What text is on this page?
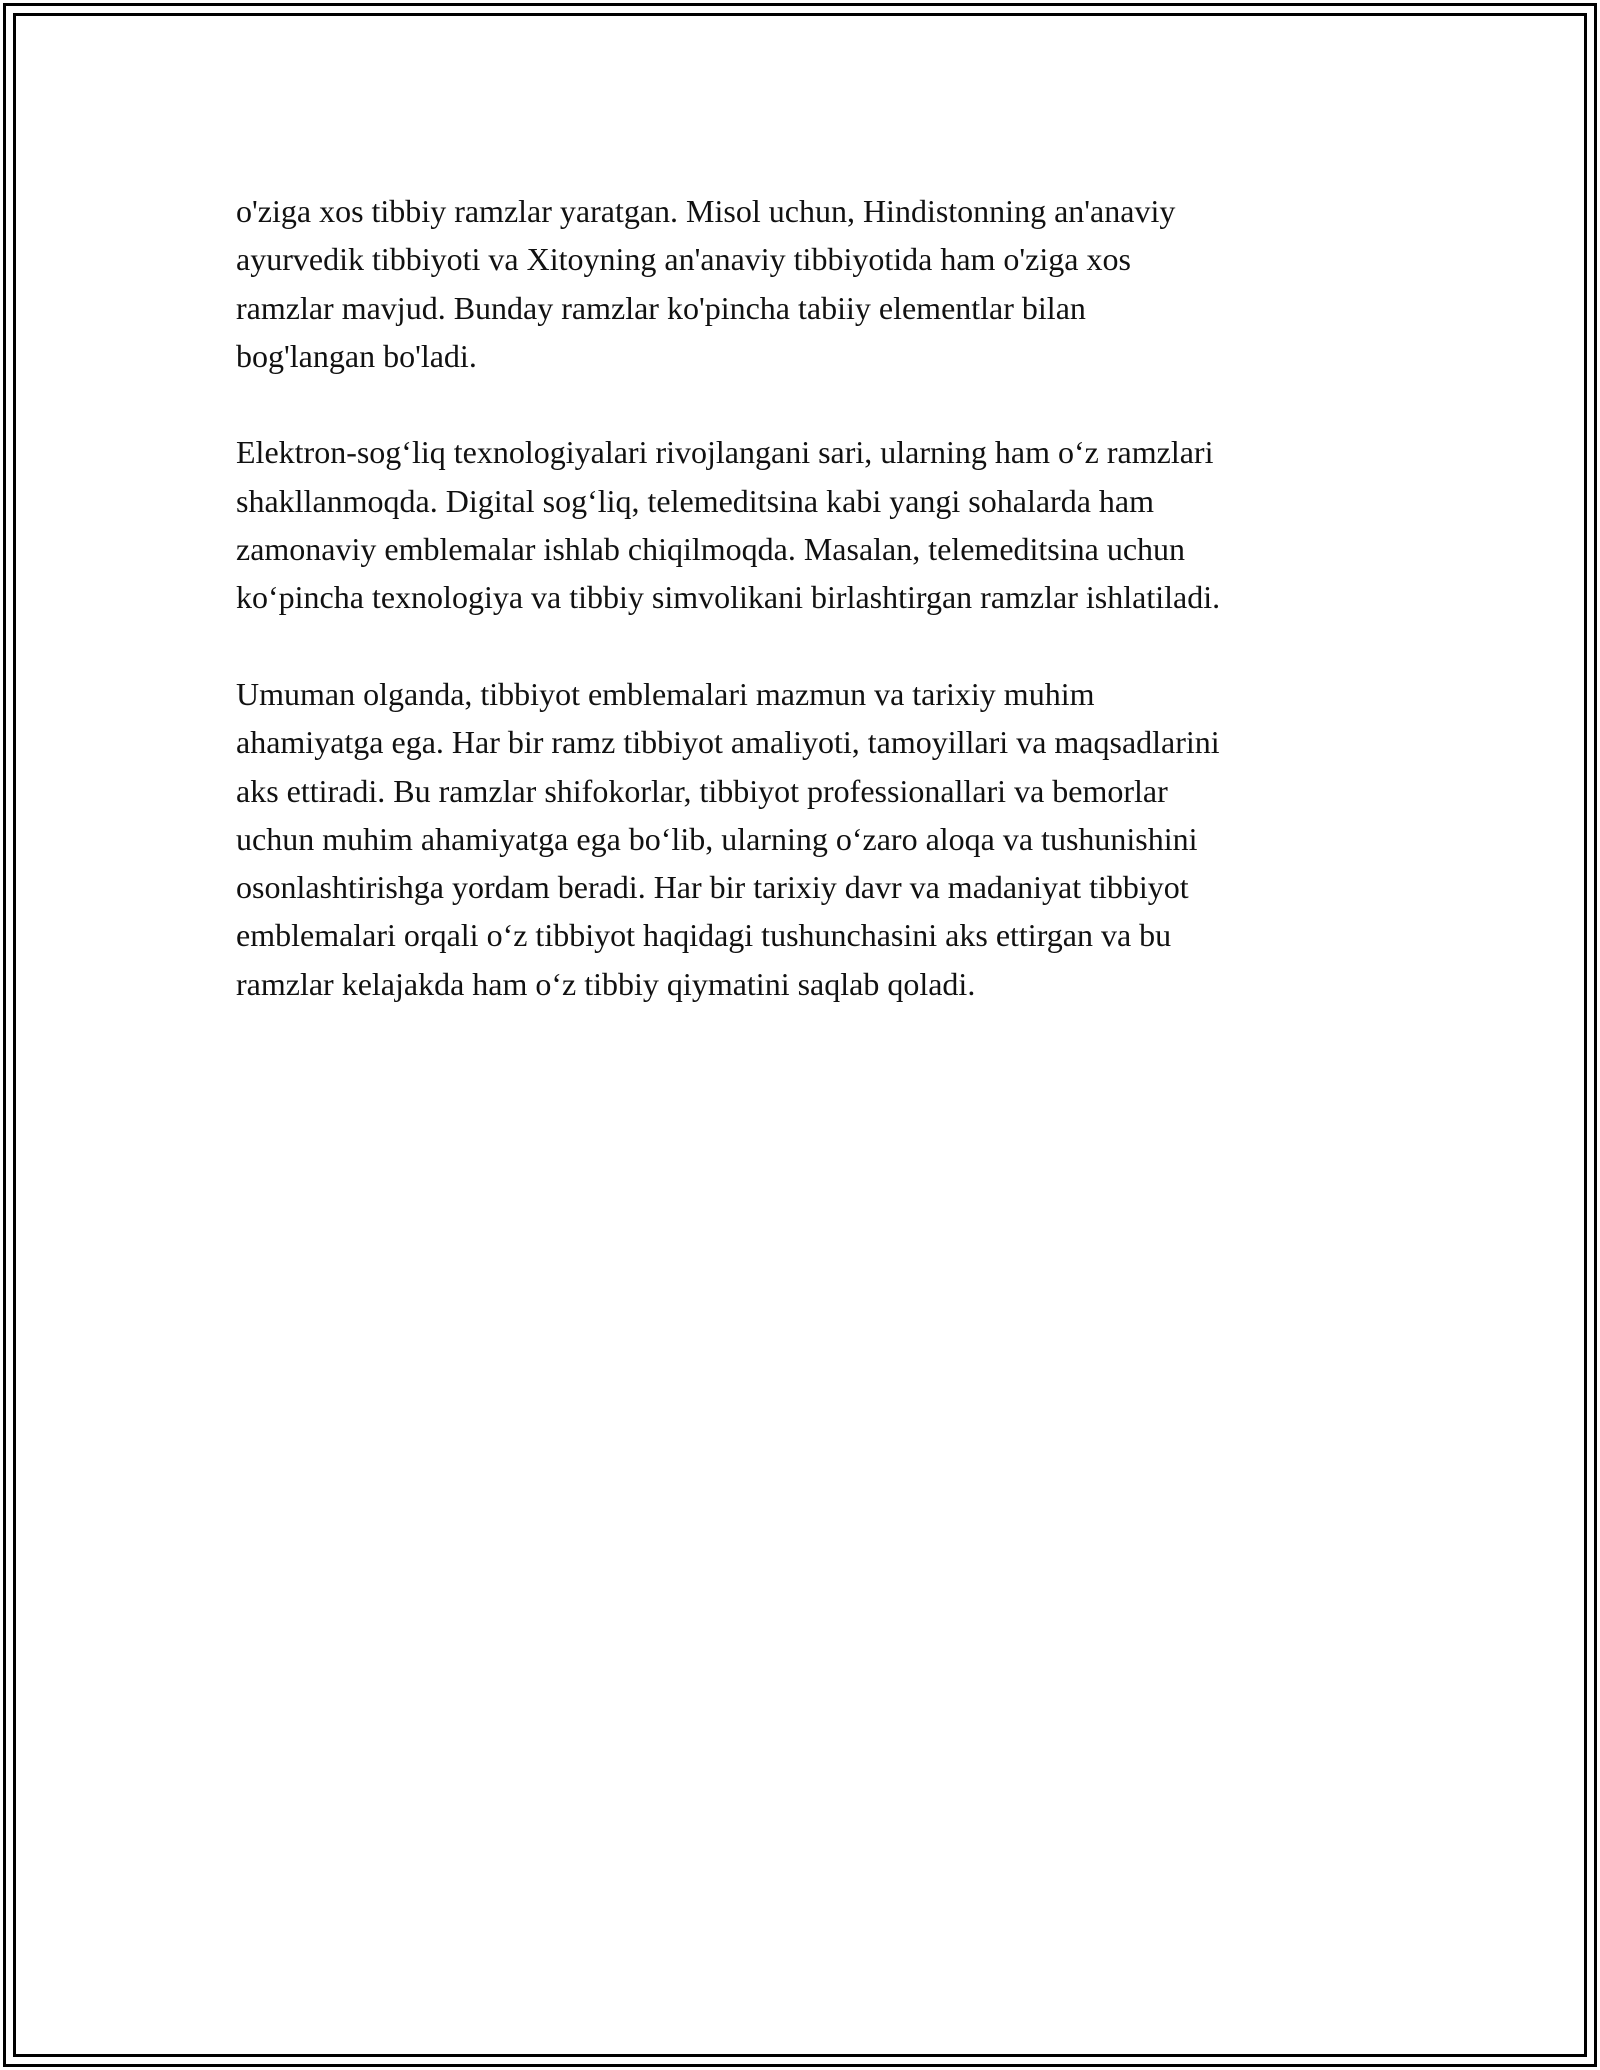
o'ziga xos tibbiy ramzlar yaratgan. Misol uchun, Hindistonning an'anaviy
ayurvedik tibbiyoti va Xitoyning an'anaviy tibbiyotida ham o'ziga xos
ramzlar mavjud. Bunday ramzlar ko'pincha tabiiy elementlar bilan
bog'langan bo'ladi.

Elektron-sog‘liq texnologiyalari rivojlangani sari, ularning ham o‘z ramzlari
shakllanmoqda. Digital sog‘liq, telemeditsina kabi yangi sohalarda ham
zamonaviy emblemalar ishlab chiqilmoqda. Masalan, telemeditsina uchun
ko‘pincha texnologiya va tibbiy simvolikani birlashtirgan ramzlar ishlatiladi.

Umuman olganda, tibbiyot emblemalari mazmun va tarixiy muhim
ahamiyatga ega. Har bir ramz tibbiyot amaliyoti, tamoyillari va maqsadlarini
aks ettiradi. Bu ramzlar shifokorlar, tibbiyot professionallari va bemorlar
uchun muhim ahamiyatga ega bo‘lib, ularning o‘zaro aloqa va tushunishini
osonlashtirishga yordam beradi. Har bir tarixiy davr va madaniyat tibbiyot
emblemalari orqali o‘z tibbiyot haqidagi tushunchasini aks ettirgan va bu
ramzlar kelajakda ham o‘z tibbiy qiymatini saqlab qoladi.
